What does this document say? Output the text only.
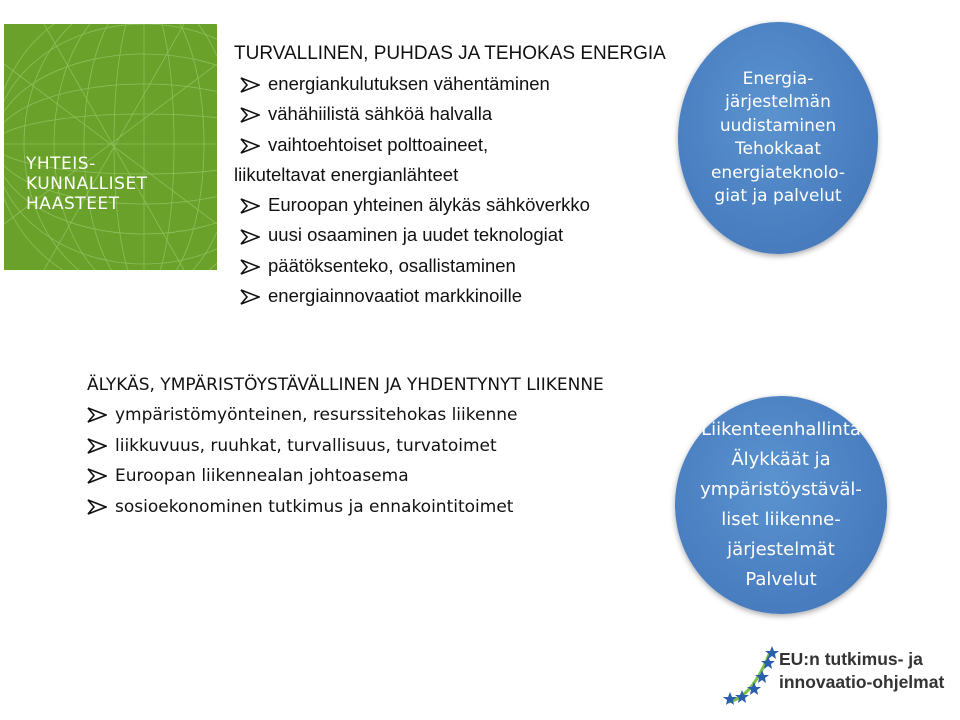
YHTEIS-
KUNNALLISET
HAASTEET
TURVALLINEN, PUHDAS JA TEHOKAS ENERGIA
energiankulutuksen vähentäminen
vähähiilistä sähköä halvalla
vaihtoehtoiset polttoaineet,
liikuteltavat energianlähteet
Euroopan yhteinen älykäs sähköverkko
uusi osaaminen ja uudet teknologiat
päätöksenteko, osallistaminen
energiainnovaatiot markkinoille
Energia-
järjestelmän
uudistaminen
Tehokkaat
energiateknolo-
giat ja palvelut
ÄLYKÄS, YMPÄRISTÖYSTÄVÄLLINEN JA YHDENTYNYT LIIKENNE
ympäristömyönteinen, resurssitehokas liikenne
liikkuvuus, ruuhkat, turvallisuus, turvatoimet
Euroopan liikennealan johtoasema
sosioekonominen tutkimus ja ennakointitoimet
Liikenteenhallinta
Älykkäät ja
ympäristöystäväl-
liset liikenne-
järjestelmät
Palvelut
EU:n tutkimus- ja
innovaatio-ohjelmat
